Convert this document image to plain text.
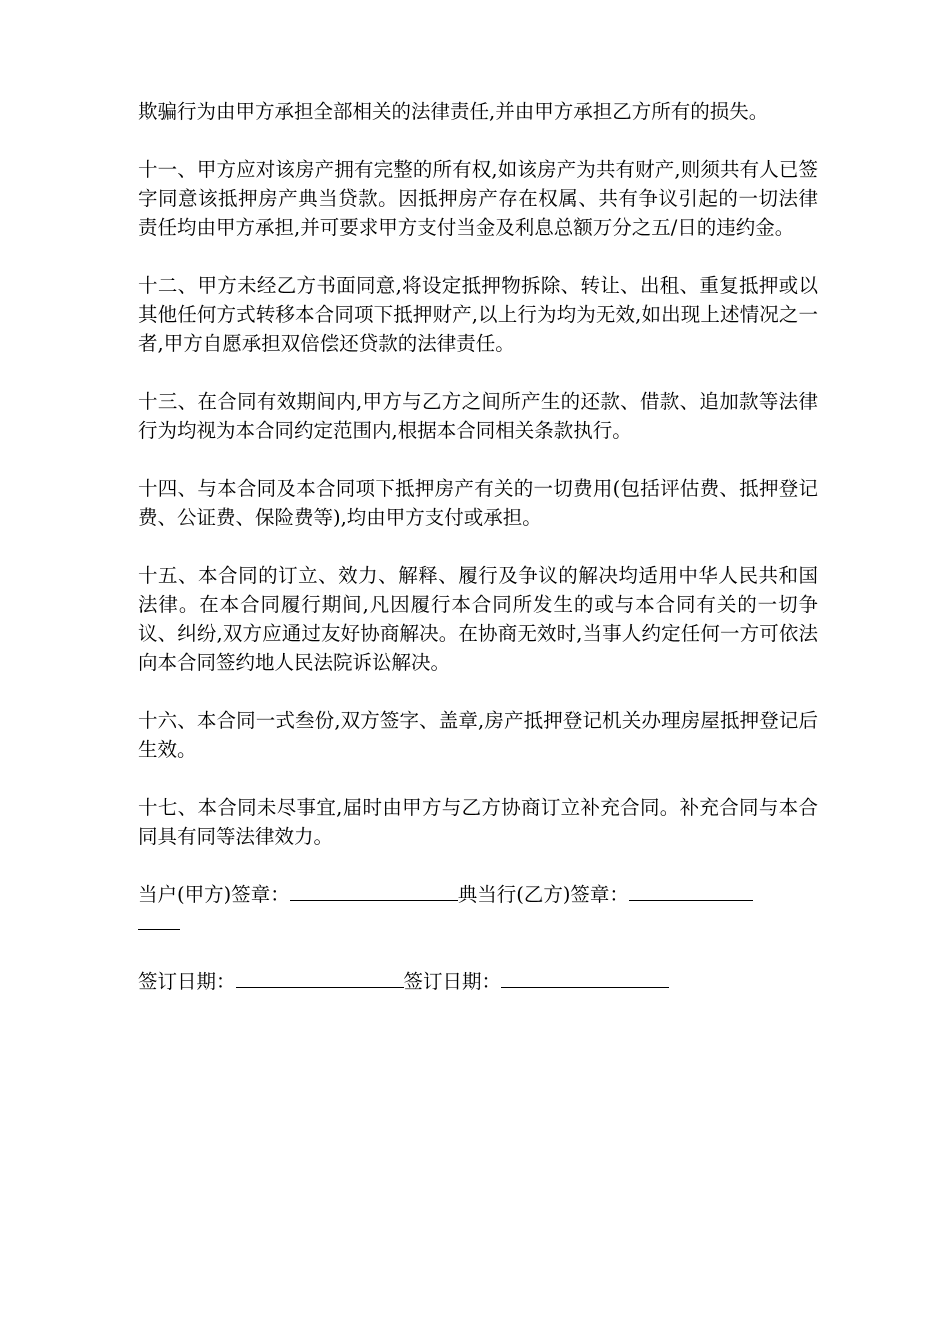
欺骗行为由甲方承担全部相关的法律责任,并由甲方承担乙方所有的损失。

十一、甲方应对该房产拥有完整的所有权,如该房产为共有财产,则须共有人已签字同意该抵押房产典当贷款。因抵押房产存在权属、共有争议引起的一切法律责任均由甲方承担,并可要求甲方支付当金及利息总额万分之五/日的违约金。

十二、甲方未经乙方书面同意,将设定抵押物拆除、转让、出租、重复抵押或以其他任何方式转移本合同项下抵押财产,以上行为均为无效,如出现上述情况之一者,甲方自愿承担双倍偿还贷款的法律责任。

十三、在合同有效期间内,甲方与乙方之间所产生的还款、借款、追加款等法律行为均视为本合同约定范围内,根据本合同相关条款执行。

十四、与本合同及本合同项下抵押房产有关的一切费用(包括评估费、抵押登记费、公证费、保险费等),均由甲方支付或承担。

十五、本合同的订立、效力、解释、履行及争议的解决均适用中华人民共和国法律。在本合同履行期间,凡因履行本合同所发生的或与本合同有关的一切争议、纠纷,双方应通过友好协商解决。在协商无效时,当事人约定任何一方可依法向本合同签约地人民法院诉讼解决。

十六、本合同一式叁份,双方签字、盖章,房产抵押登记机关办理房屋抵押登记后生效。

十七、本合同未尽事宜,届时由甲方与乙方协商订立补充合同。补充合同与本合同具有同等法律效力。

当户(甲方)签章：	典当行(乙方)签章：

签订日期：	签订日期：
